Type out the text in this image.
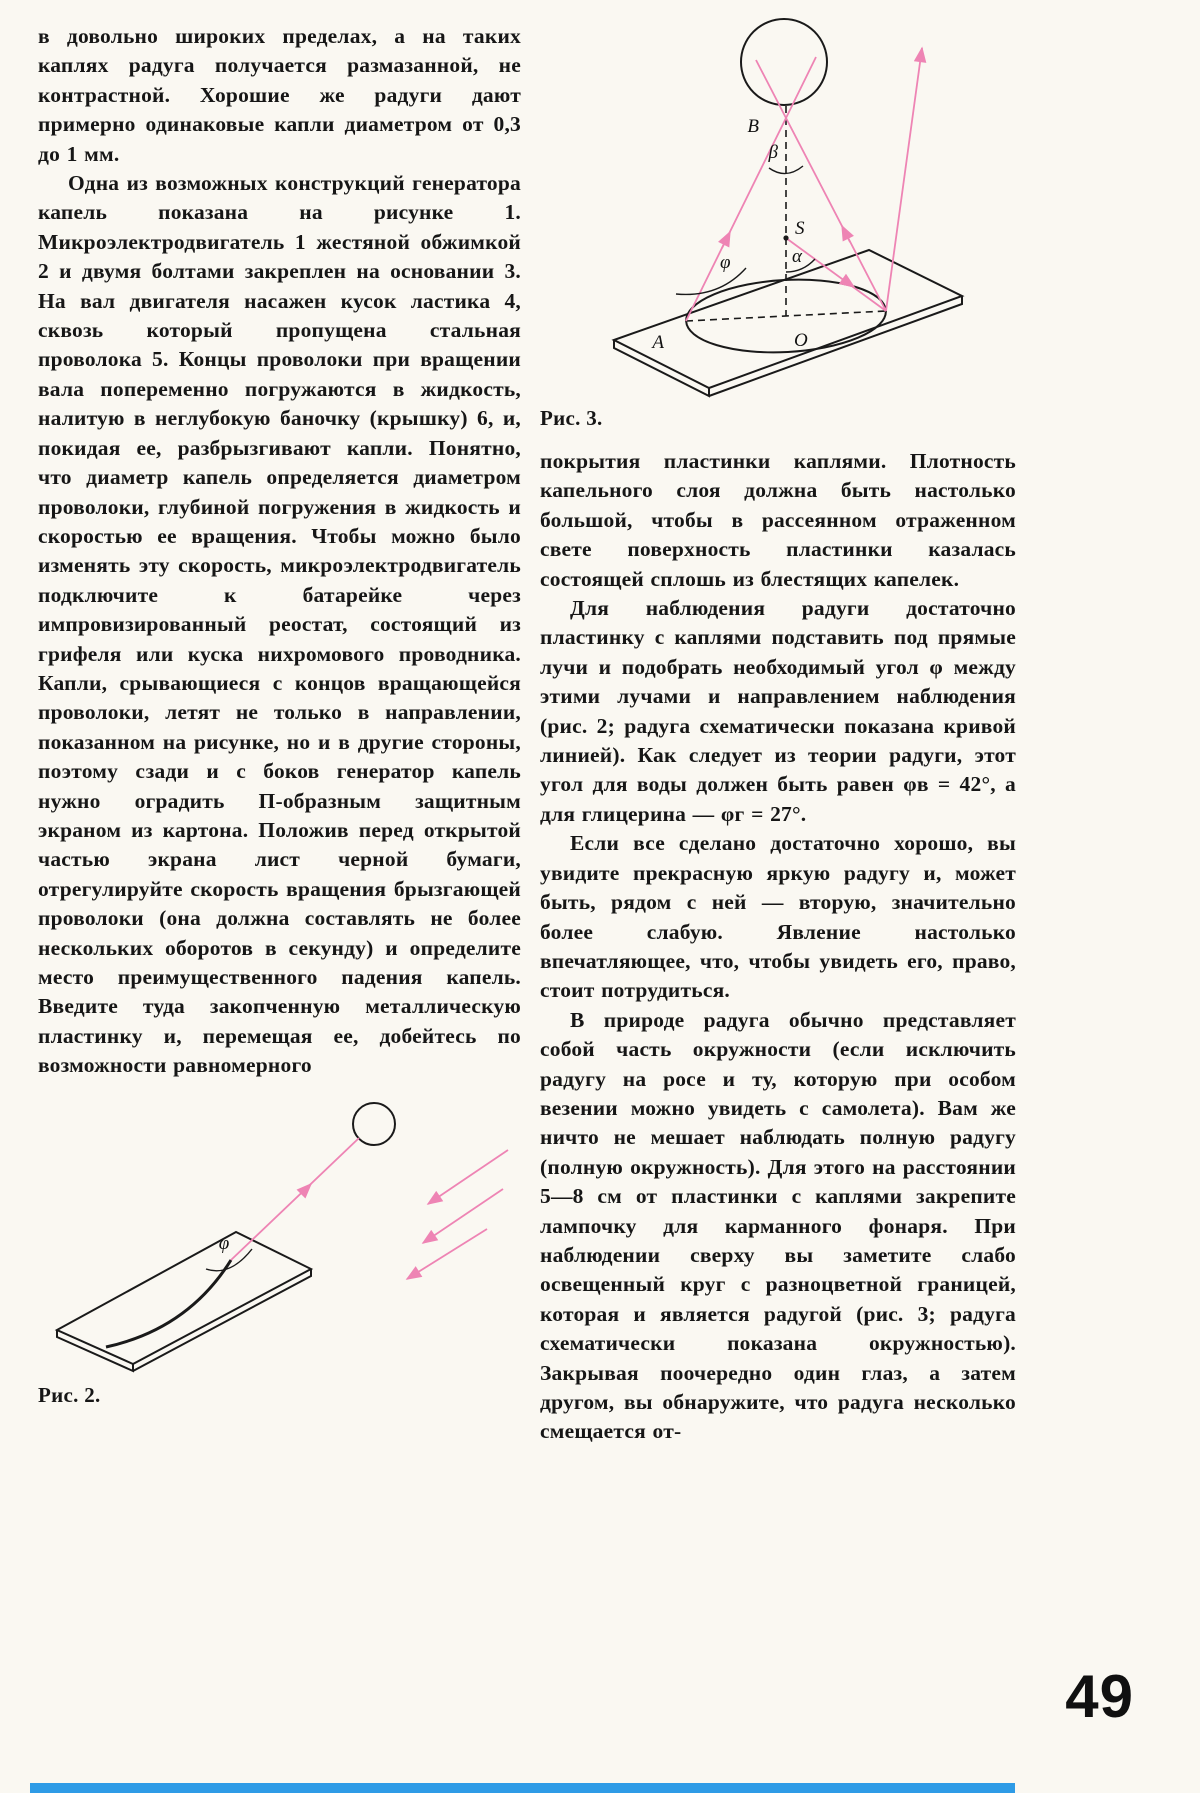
в довольно широких пределах, а на таких каплях радуга получается размазанной, не контрастной. Хорошие же радуги дают примерно одинаковые капли диаметром от 0,3 до 1 мм.

Одна из возможных конструкций генератора капель показана на рисунке 1. Микроэлектродвигатель 1 жестяной обжимкой 2 и двумя болтами закреплен на основании 3. На вал двигателя насажен кусок ластика 4, сквозь который пропущена стальная проволока 5. Концы проволоки при вращении вала попеременно погружаются в жидкость, налитую в неглубокую баночку (крышку) 6, и, покидая ее, разбрызгивают капли. Понятно, что диаметр капель определяется диаметром проволоки, глубиной погружения в жидкость и скоростью ее вращения. Чтобы можно было изменять эту скорость, микроэлектродвигатель подключите к батарейке через импровизированный реостат, состоящий из грифеля или куска нихромового проводника. Капли, срывающиеся с концов вращающейся проволоки, летят не только в направлении, показанном на рисунке, но и в другие стороны, поэтому сзади и с боков генератор капель нужно оградить П-образным защитным экраном из картона. Положив перед открытой частью экрана лист черной бумаги, отрегулируйте скорость вращения брызгающей проволоки (она должна составлять не более нескольких оборотов в секунду) и определите место преимущественного падения капель. Введите туда закопченную металлическую пластинку и, перемещая ее, добейтесь по возможности равномерного

φ
Рис. 2.
B
β
S
α
φ
A	O
Рис. 3.

покрытия пластинки каплями. Плотность капельного слоя должна быть настолько большой, чтобы в рассеянном отраженном свете поверхность пластинки казалась состоящей сплошь из блестящих капелек.

Для наблюдения радуги достаточно пластинку с каплями подставить под прямые лучи и подобрать необходимый угол φ между этими лучами и направлением наблюдения (рис. 2; радуга схематически показана кривой линией). Как следует из теории радуги, этот угол для воды должен быть равен φв = 42°, а для глицерина — φг = 27°.

Если все сделано достаточно хорошо, вы увидите прекрасную яркую радугу и, может быть, рядом с ней — вторую, значительно более слабую. Явление настолько впечатляющее, что, чтобы увидеть его, право, стоит потрудиться.

В природе радуга обычно представляет собой часть окружности (если исключить радугу на росе и ту, которую при особом везении можно увидеть с самолета). Вам же ничто не мешает наблюдать полную радугу (полную окружность). Для этого на расстоянии 5—8 см от пластинки с каплями закрепите лампочку для карманного фонаря. При наблюдении сверху вы заметите слабо освещенный круг с разноцветной границей, которая и является радугой (рис. 3; радуга схематически показана окружностью). Закрывая поочередно один глаз, а затем другом, вы обнаружите, что радуга несколько смещается от-

49
